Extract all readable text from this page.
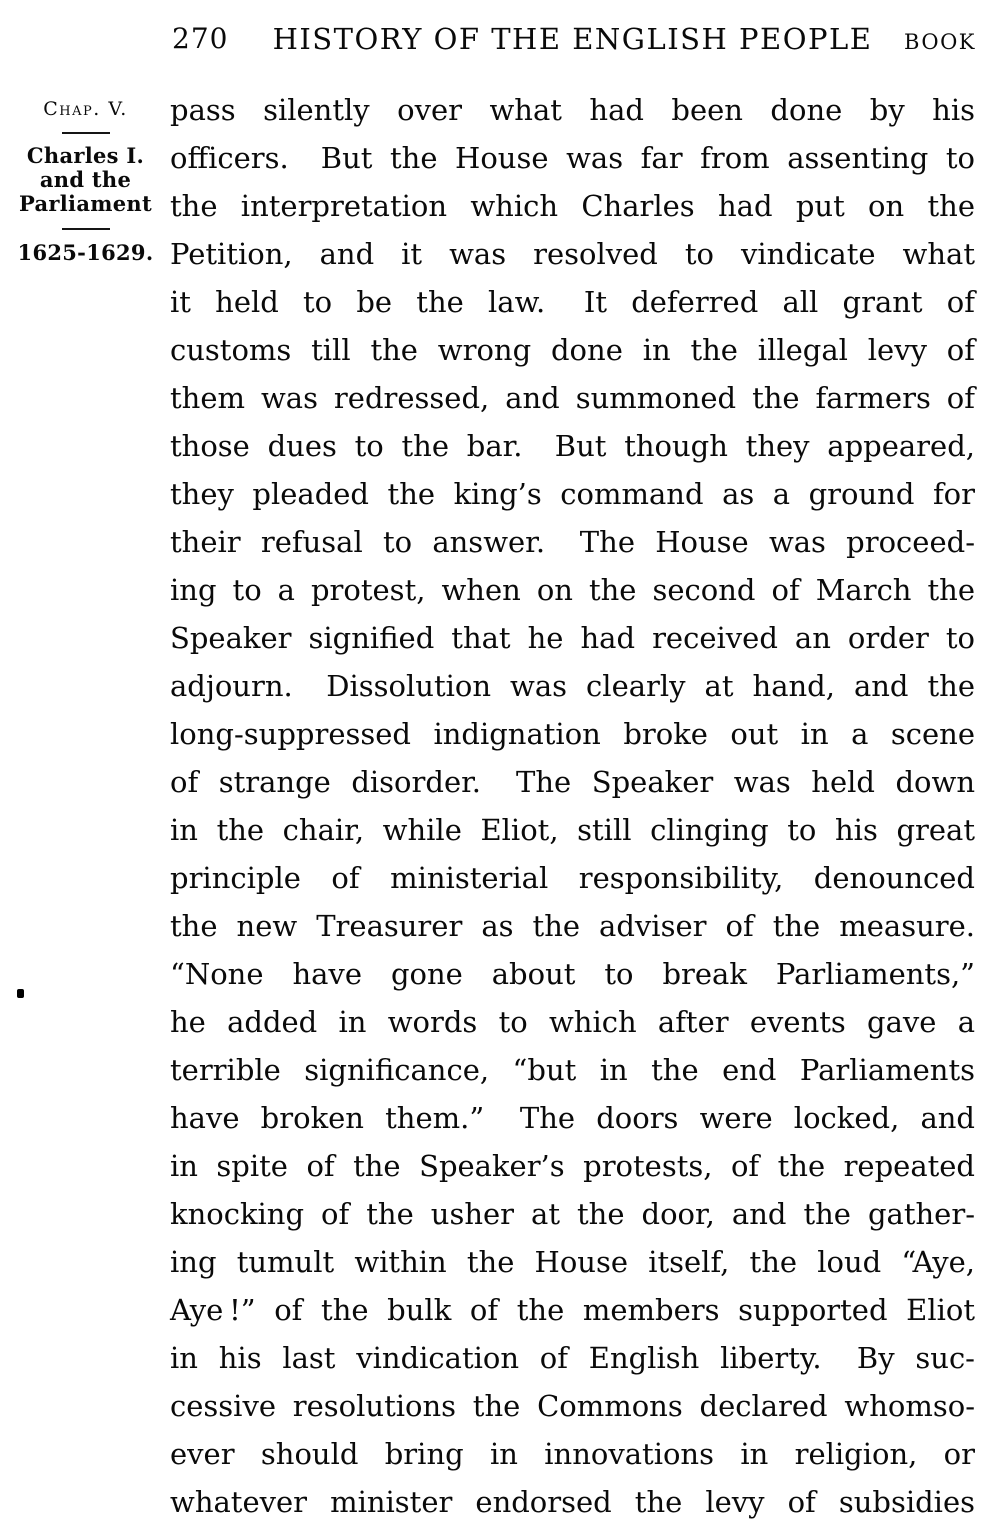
270	HISTORY OF THE ENGLISH PEOPLE	BOOK
Chap. V.
Charles I.
and the
Parliament
1625-1629.
pass silently over what had been done by his
officers.  But the House was far from assenting to
the interpretation which Charles had put on the
Petition, and it was resolved to vindicate what
it held to be the law.  It deferred all grant of
customs till the wrong done in the illegal levy of
them was redressed, and summoned the farmers of
those dues to the bar.  But though they appeared,
they pleaded the king’s command as a ground for
their refusal to answer.  The House was proceed-
ing to a protest, when on the second of March the
Speaker signified that he had received an order to
adjourn.  Dissolution was clearly at hand, and the
long-suppressed indignation broke out in a scene
of strange disorder.  The Speaker was held down
in the chair, while Eliot, still clinging to his great
principle of ministerial responsibility, denounced
the new Treasurer as the adviser of the measure.
“None have gone about to break Parliaments,”
he added in words to which after events gave a
terrible significance, “but in the end Parliaments
have broken them.”  The doors were locked, and
in spite of the Speaker’s protests, of the repeated
knocking of the usher at the door, and the gather-
ing tumult within the House itself, the loud “Aye,
Aye !” of the bulk of the members supported Eliot
in his last vindication of English liberty.  By suc-
cessive resolutions the Commons declared whomso-
ever should bring in innovations in religion, or
whatever minister endorsed the levy of subsidies
